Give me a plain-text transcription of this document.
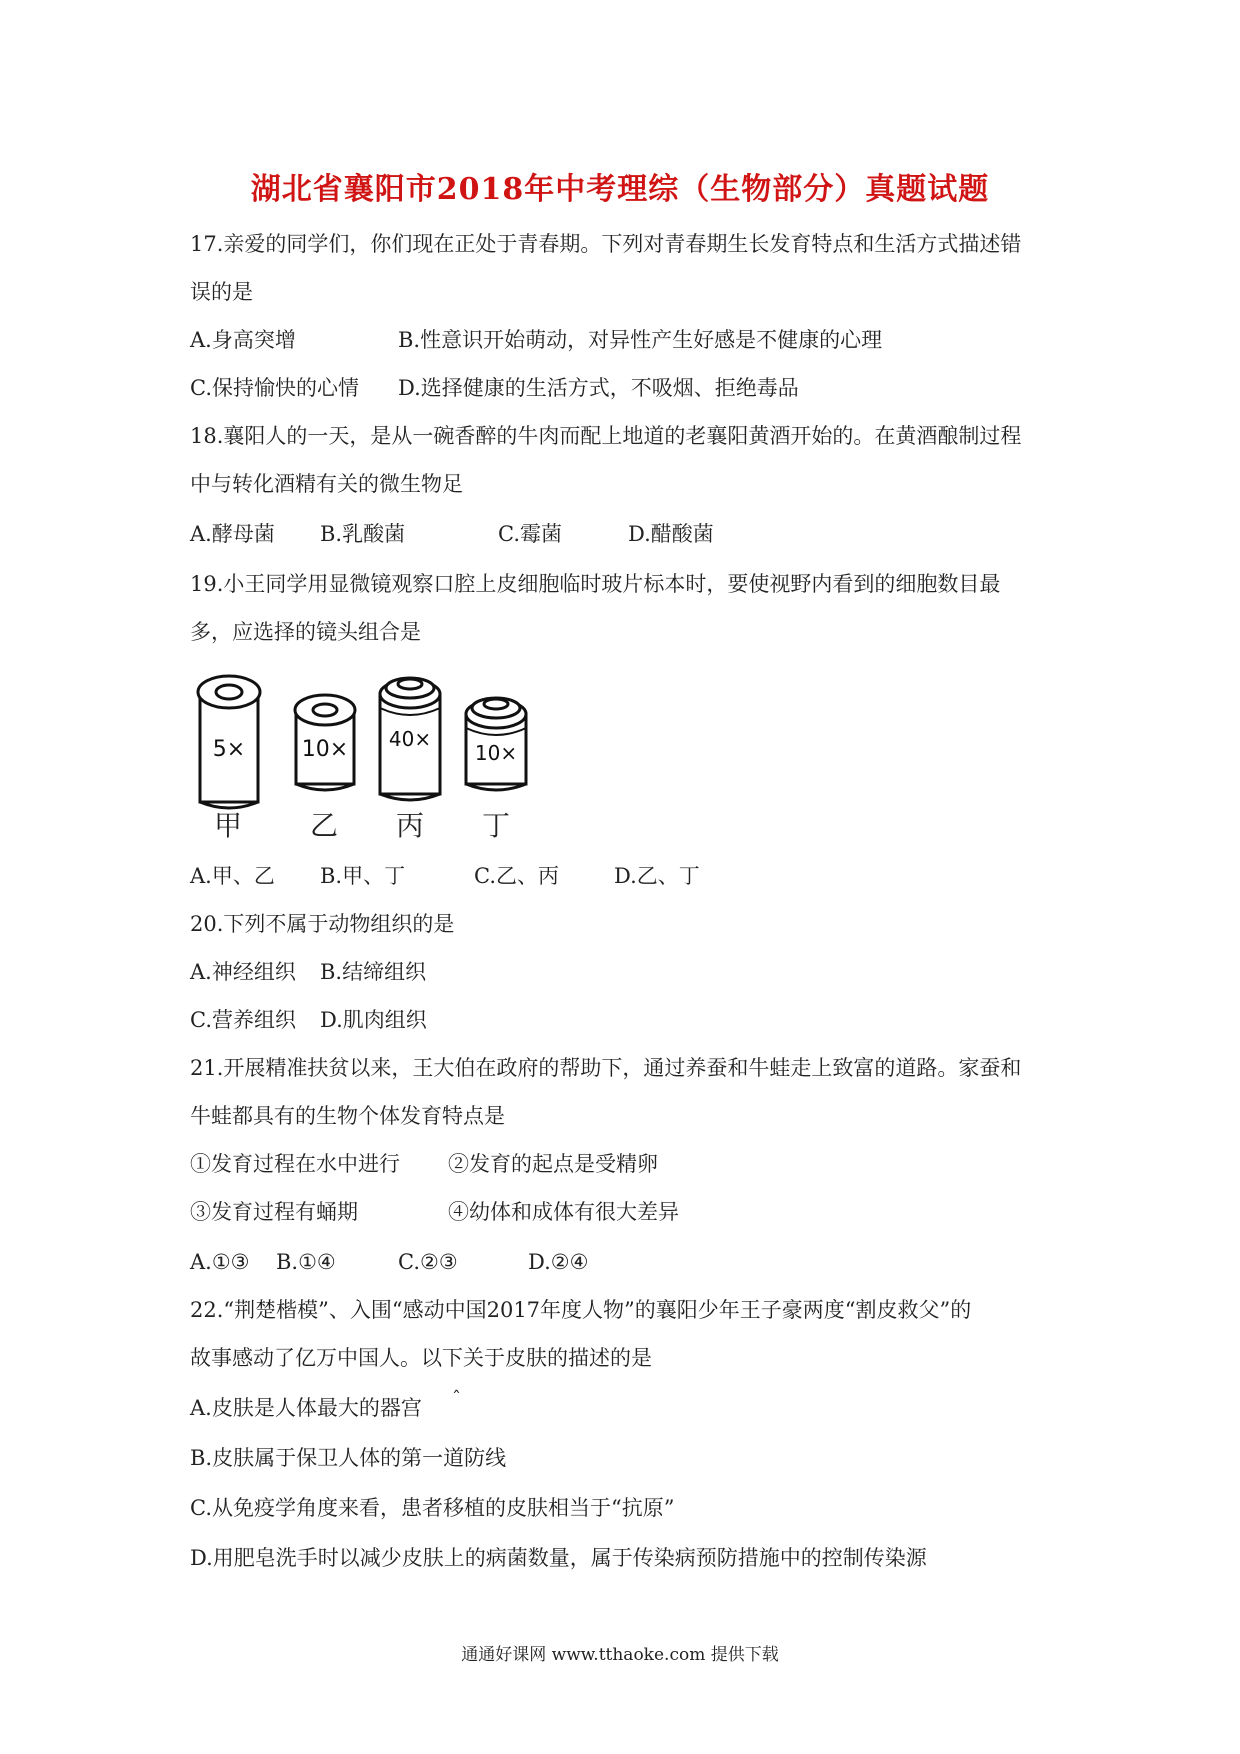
湖北省襄阳市2018年中考理综（生物部分）真题试题
17.亲爱的同学们，你们现在正处于青春期。下列对青春期生长发育特点和生活方式描述错
误的是
A.身高突增	B.性意识开始萌动，对异性产生好感是不健康的心理
C.保持愉快的心情 D.选择健康的生活方式，不吸烟、拒绝毒品
18.襄阳人的一天，是从一碗香醉的牛肉而配上地道的老襄阳黄酒开始的。在黄酒酿制过程
中与转化酒精有关的微生物足
A.酵母菌 B.乳酸菌	C.霉菌	D.醋酸菌
19.小王同学用显微镜观察口腔上皮细胞临时玻片标本时，要使视野内看到的细胞数目最
多，应选择的镜头组合是
5×	10× 40×
10×
甲 乙 丙 丁
A.甲、乙 B.甲、丁	C.乙、丙	D.乙、丁
20.下列不属于动物组织的是
A.神经组织 B.结缔组织
C.营养组织 D.肌肉组织
21.开展精准扶贫以来，王大伯在政府的帮助下，通过养蚕和牛蛙走上致富的道路。家蚕和
牛蛙都具有的生物个体发育特点是
①发育过程在水中进行 ②发育的起点是受精卵
③发育过程有蛹期	④幼体和成体有很大差异
A.①③ B.①④	C.②③	D.②④
22.“荆楚楷模”、入围“感动中国2017年度人物”的襄阳少年王子豪两度“割皮救父”的
故事感动了亿万中国人。以下关于皮肤的描述的是
A.皮肤是人体最大的器宫 ˆ
B.皮肤属于保卫人体的第一道防线
C.从免疫学角度来看，患者移植的皮肤相当于“抗原”
D.用肥皂洗手时以减少皮肤上的病菌数量，属于传染病预防措施中的控制传染源
通通好课网 www.tthaoke.com 提供下载
